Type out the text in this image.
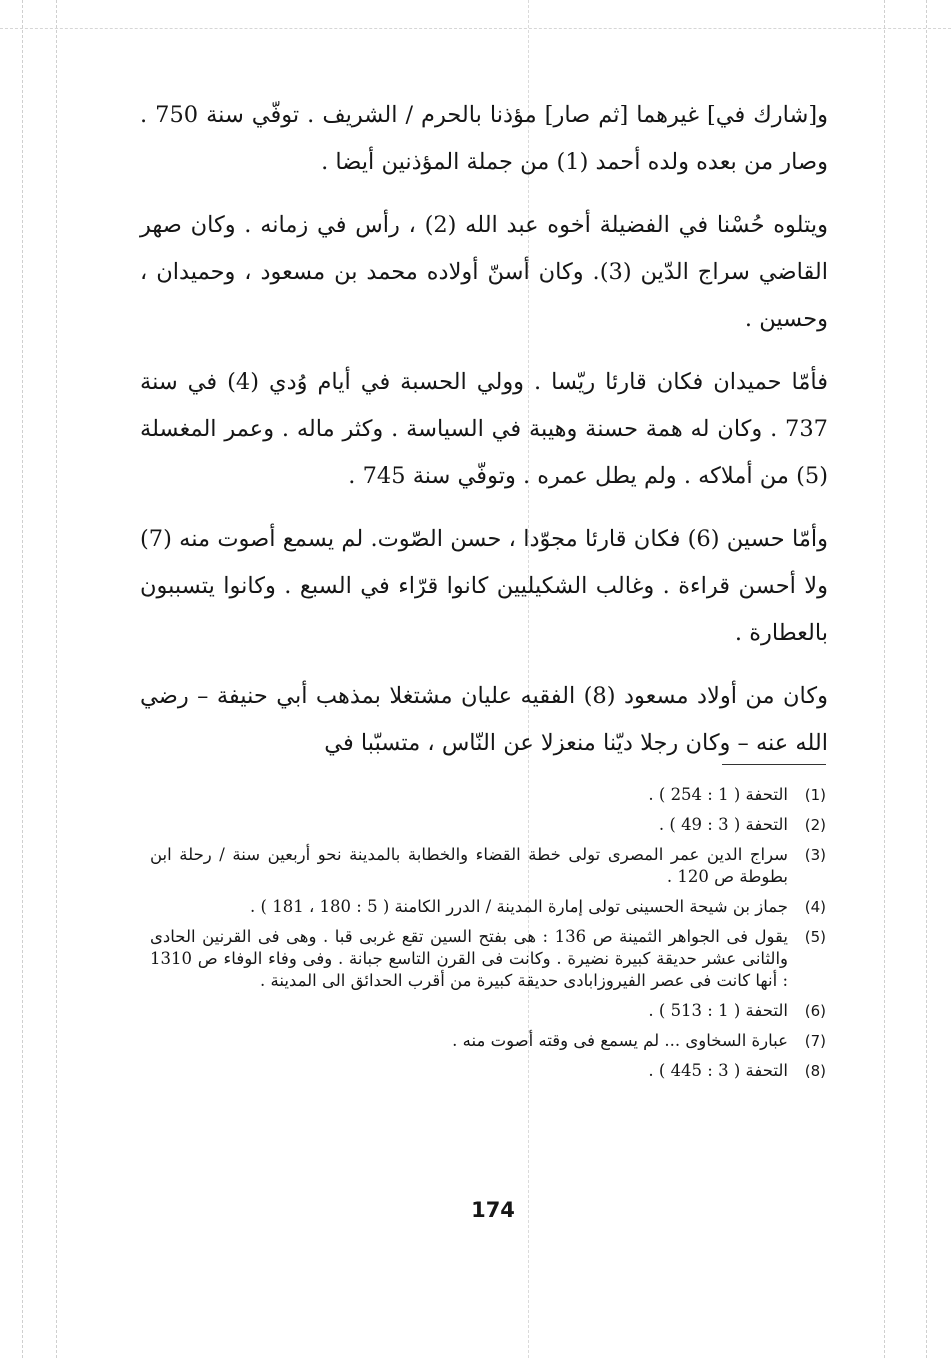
و[شارك في] غيرهما [ثم صار] مؤذنا بالحرم / الشريف . توفّي سنة 750 . وصار من بعده ولده أحمد (1) من جملة المؤذنين أيضا .

ويتلوه حُسْنا في الفضيلة أخوه عبد الله (2) ، رأس في زمانه . وكان صهر القاضي سراج الدّين (3). وكان أسنّ أولاده محمد بن مسعود ، وحميدان ، وحسين .

فأمّا حميدان فكان قارئا ريّسا . وولي الحسبة في أيام وُدي (4) في سنة 737 . وكان له همة حسنة وهيبة في السياسة . وكثر ماله . وعمر المغسلة (5) من أملاكه . ولم يطل عمره . وتوفّي سنة 745 .

وأمّا حسين (6) فكان قارئا مجوّدا ، حسن الصّوت. لم يسمع أصوت منه (7) ولا أحسن قراءة . وغالب الشكيليين كانوا قرّاء في السبع . وكانوا يتسببون بالعطارة .

وكان من أولاد مسعود (8) الفقيه عليان مشتغلا بمذهب أبي حنيفة – رضي الله عنه – وكان رجلا ديّنا منعزلا عن النّاس ، متسبّبا في

(1)
التحفة ( 1 : 254 ) .
(2)
التحفة ( 3 : 49 ) .
(3)
سراج الدين عمر المصرى تولى خطة القضاء والخطابة بالمدينة نحو أربعين سنة / رحلة ابن بطوطة ص 120 .
(4)
جماز بن شيحة الحسينى تولى إمارة المدينة / الدرر الكامنة ( 5 : 180 ، 181 ) .
(5)
يقول فى الجواهر الثمينة ص 136 : هى بفتح السين تقع غربى قبا . وهى فى القرنين الحادى والثانى عشر حديقة كبيرة نضيرة . وكانت فى القرن التاسع جبانة . وفى وفاء الوفاء ص 1310 : أنها كانت فى عصر الفيروزابادى حديقة كبيرة من أقرب الحدائق الى المدينة .
(6)
التحفة ( 1 : 513 ) .
(7)
عبارة السخاوى ... لم يسمع فى وقته أصوت منه .
(8)
التحفة ( 3 : 445 ) .
174
